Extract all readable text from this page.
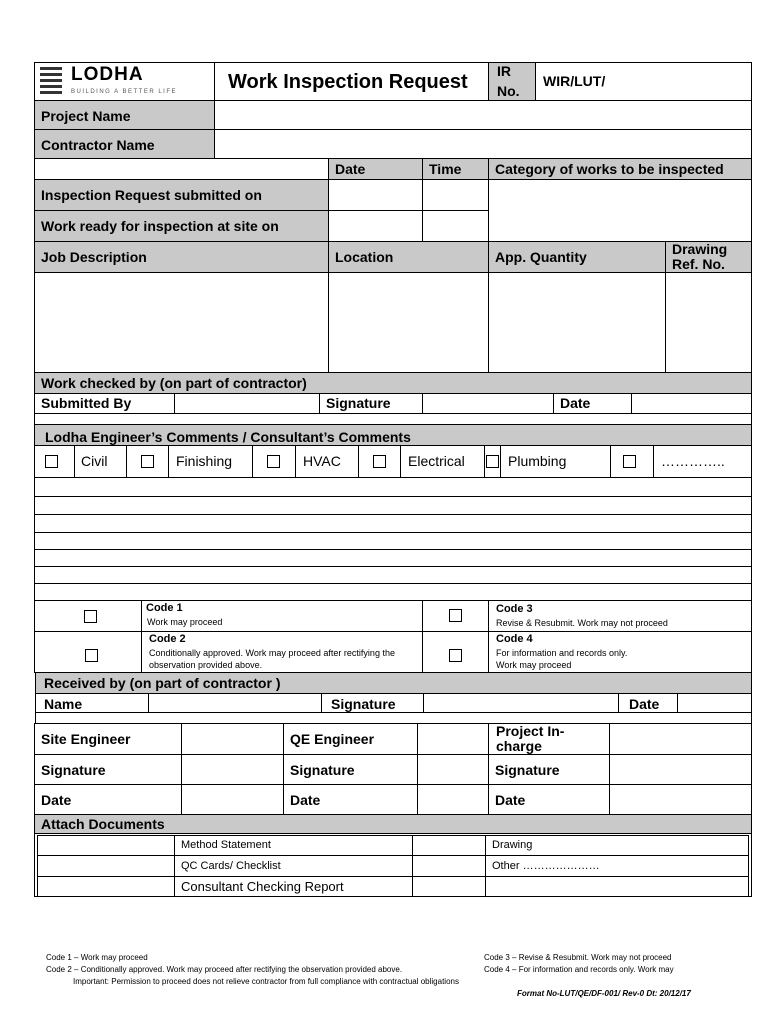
LODHA
BUILDING A BETTER LIFE	Work Inspection Request IR
No.
WIR/LUT/
Project Name
Contractor Name
Date	Time	Category of works to be inspected
Inspection Request submitted on
Work ready for inspection at site on
Job Description	Location	App. Quantity	Drawing
Ref. No.
Work checked by (on part of contractor)
Submitted By	Signature	Date
Lodha Engineer’s Comments / Consultant’s Comments
Civil	Finishing	HVAC	Electrical	Plumbing	…………..
Code 1
Work may proceed
Code 3
Revise & Resubmit. Work may not proceed
Code 2
Conditionally approved. Work may proceed after rectifying the
observation provided above.
Code 4
For information and records only.
Work may proceed
Received by (on part of contractor )
Name	Signature	Date
Site Engineer	QE Engineer	Project In-
charge
Signature	Signature	Signature
Date	Date	Date
Attach Documents
Method Statement	Drawing
QC Cards/ Checklist	Other …………………
Consultant Checking Report
Code 1 – Work may proceed
Code 2 – Conditionally approved. Work may proceed after rectifying the observation provided above.
Code 3 – Revise & Resubmit. Work may not proceed
Code 4 – For information and records only. Work may
Important: Permission to proceed does not relieve contractor from full compliance with contractual obligations
Format No-LUT/QE/DF-001/ Rev-0 Dt: 20/12/17
